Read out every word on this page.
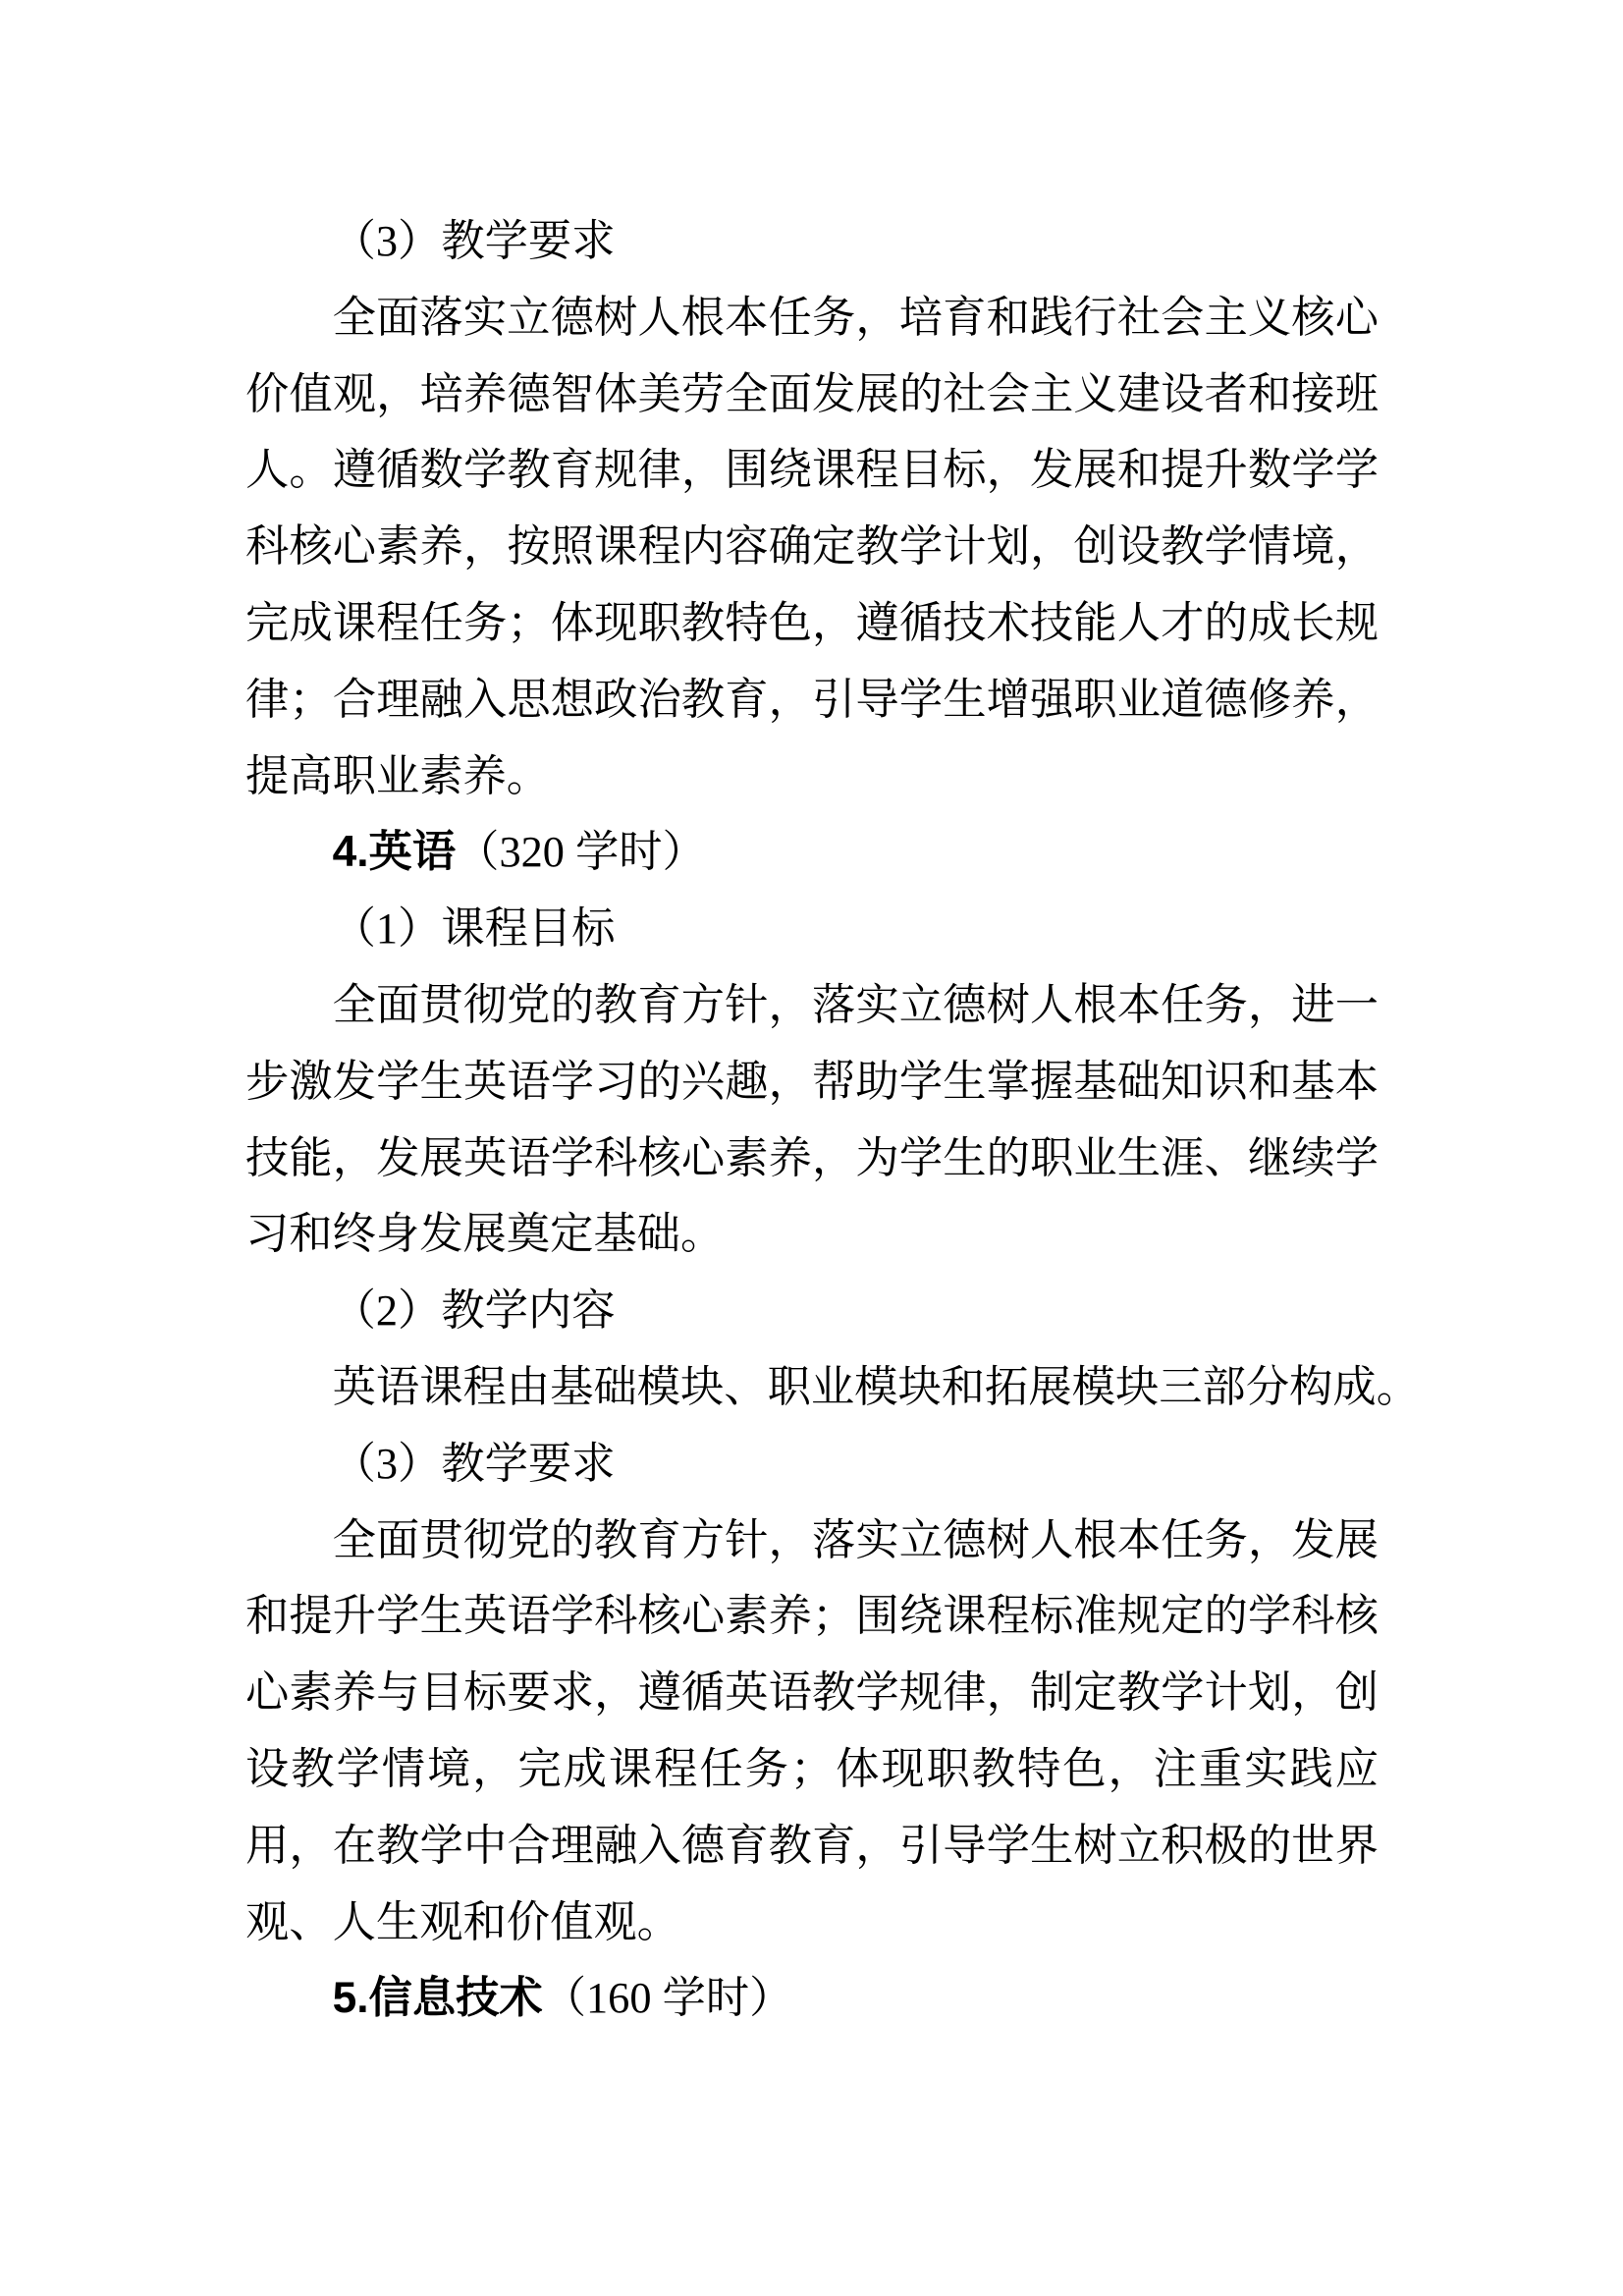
（3）教学要求

全面落实立德树人根本任务，培育和践行社会主义核心价值观，培养德智体美劳全面发展的社会主义建设者和接班人。遵循数学教育规律，围绕课程目标，发展和提升数学学科核心素养，按照课程内容确定教学计划，创设教学情境，完成课程任务；体现职教特色，遵循技术技能人才的成长规律；合理融入思想政治教育，引导学生增强职业道德修养，提高职业素养。

4.英语（320 学时）

（1）课程目标

全面贯彻党的教育方针，落实立德树人根本任务，进一步激发学生英语学习的兴趣，帮助学生掌握基础知识和基本技能，发展英语学科核心素养，为学生的职业生涯、继续学习和终身发展奠定基础。

（2）教学内容

英语课程由基础模块、职业模块和拓展模块三部分构成。

（3）教学要求

全面贯彻党的教育方针，落实立德树人根本任务，发展和提升学生英语学科核心素养；围绕课程标准规定的学科核心素养与目标要求，遵循英语教学规律，制定教学计划，创设教学情境，完成课程任务；体现职教特色，注重实践应用，在教学中合理融入德育教育，引导学生树立积极的世界观、人生观和价值观。

5.信息技术（160 学时）
